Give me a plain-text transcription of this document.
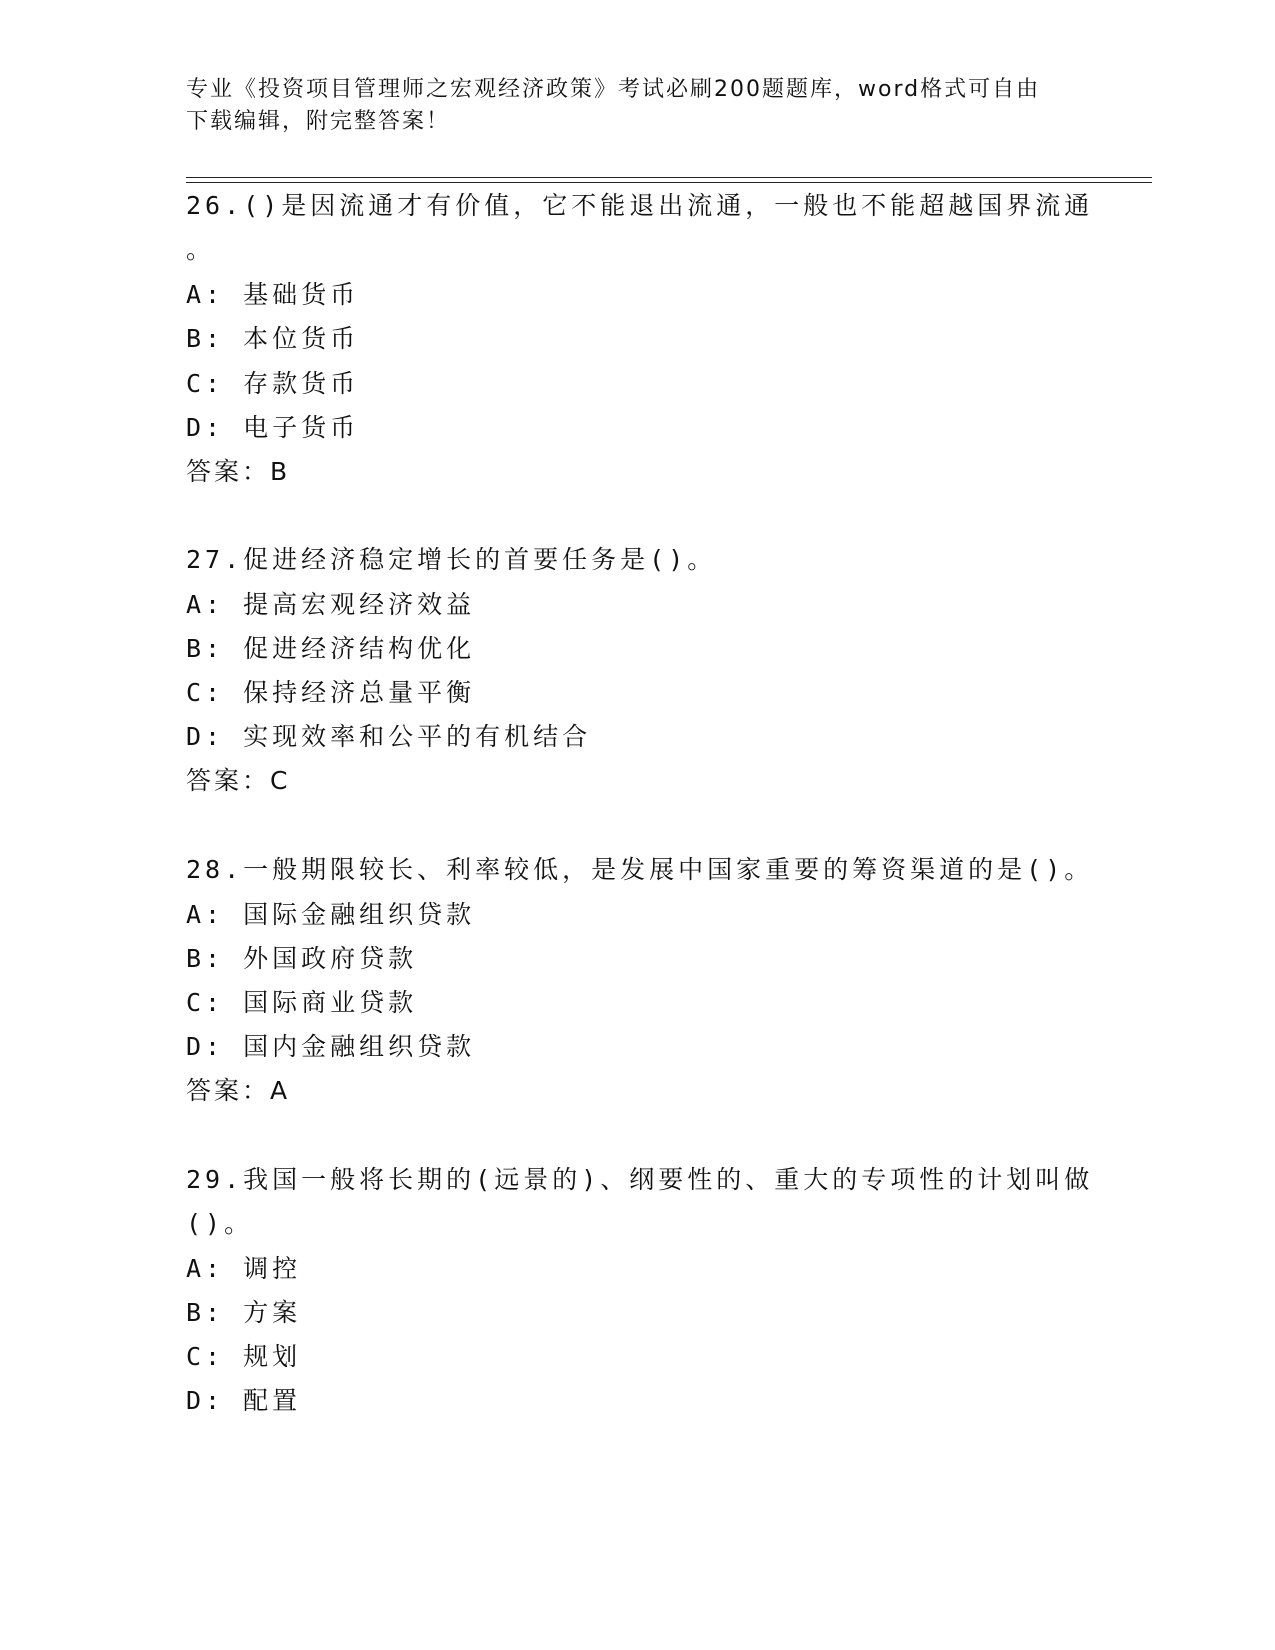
专业《投资项目管理师之宏观经济政策》考试必刷200题题库，word格式可自由
下载编辑，附完整答案！
26.()是因流通才有价值，它不能退出流通，一般也不能超越国界流通
。
A: 基础货币
B: 本位货币
C: 存款货币
D: 电子货币
答案：B
27.促进经济稳定增长的首要任务是()。
A: 提高宏观经济效益
B: 促进经济结构优化
C: 保持经济总量平衡
D: 实现效率和公平的有机结合
答案：C
28.一般期限较长、利率较低，是发展中国家重要的筹资渠道的是()。
A: 国际金融组织贷款
B: 外国政府贷款
C: 国际商业贷款
D: 国内金融组织贷款
答案：A
29.我国一般将长期的(远景的)、纲要性的、重大的专项性的计划叫做
()。
A: 调控
B: 方案
C: 规划
D: 配置
